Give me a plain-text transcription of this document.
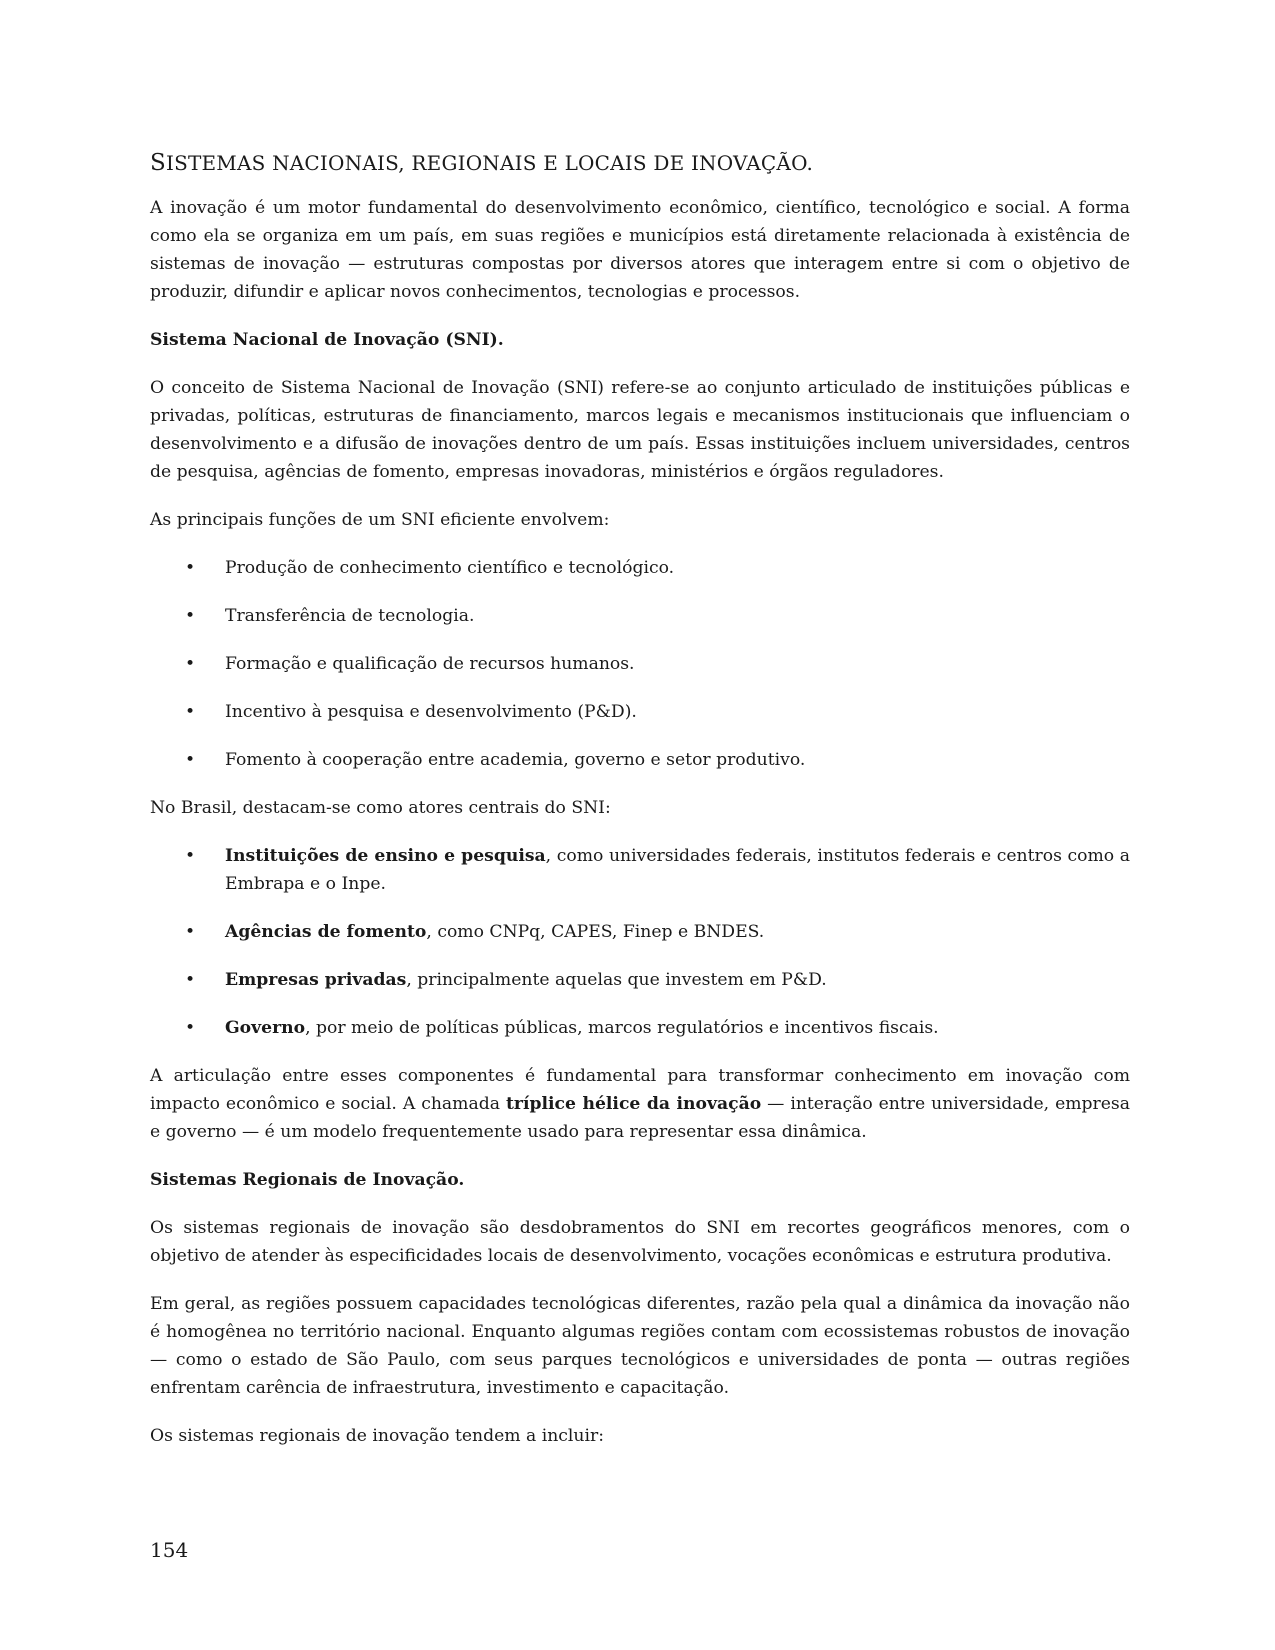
SISTEMAS NACIONAIS, REGIONAIS E LOCAIS DE INOVAÇÃO.

A inovação é um motor fundamental do desenvolvimento econômico, científico, tecnológico e social. A forma como ela se organiza em um país, em suas regiões e municípios está diretamente relacionada à existência de sistemas de inovação — estruturas compostas por diversos atores que interagem entre si com o objetivo de produzir, difundir e aplicar novos conhecimentos, tecnologias e processos.

Sistema Nacional de Inovação (SNI).

O conceito de Sistema Nacional de Inovação (SNI) refere-se ao conjunto articulado de instituições públicas e privadas, políticas, estruturas de financiamento, marcos legais e mecanismos institucionais que influenciam o desenvolvimento e a difusão de inovações dentro de um país. Essas instituições incluem universidades, centros de pesquisa, agências de fomento, empresas inovadoras, ministérios e órgãos reguladores.

As principais funções de um SNI eficiente envolvem:

• Produção de conhecimento científico e tecnológico.
• Transferência de tecnologia.
• Formação e qualificação de recursos humanos.
• Incentivo à pesquisa e desenvolvimento (P&D).
• Fomento à cooperação entre academia, governo e setor produtivo.

No Brasil, destacam-se como atores centrais do SNI:

• Instituições de ensino e pesquisa, como universidades federais, institutos federais e centros como a Embrapa e o Inpe.
• Agências de fomento, como CNPq, CAPES, Finep e BNDES.
• Empresas privadas, principalmente aquelas que investem em P&D.
• Governo, por meio de políticas públicas, marcos regulatórios e incentivos fiscais.

A articulação entre esses componentes é fundamental para transformar conhecimento em inovação com impacto econômico e social. A chamada tríplice hélice da inovação — interação entre universidade, empresa e governo — é um modelo frequentemente usado para representar essa dinâmica.

Sistemas Regionais de Inovação.

Os sistemas regionais de inovação são desdobramentos do SNI em recortes geográficos menores, com o objetivo de atender às especificidades locais de desenvolvimento, vocações econômicas e estrutura produtiva.

Em geral, as regiões possuem capacidades tecnológicas diferentes, razão pela qual a dinâmica da inovação não é homogênea no território nacional. Enquanto algumas regiões contam com ecossistemas robustos de inovação — como o estado de São Paulo, com seus parques tecnológicos e universidades de ponta — outras regiões enfrentam carência de infraestrutura, investimento e capacitação.

Os sistemas regionais de inovação tendem a incluir:

154
